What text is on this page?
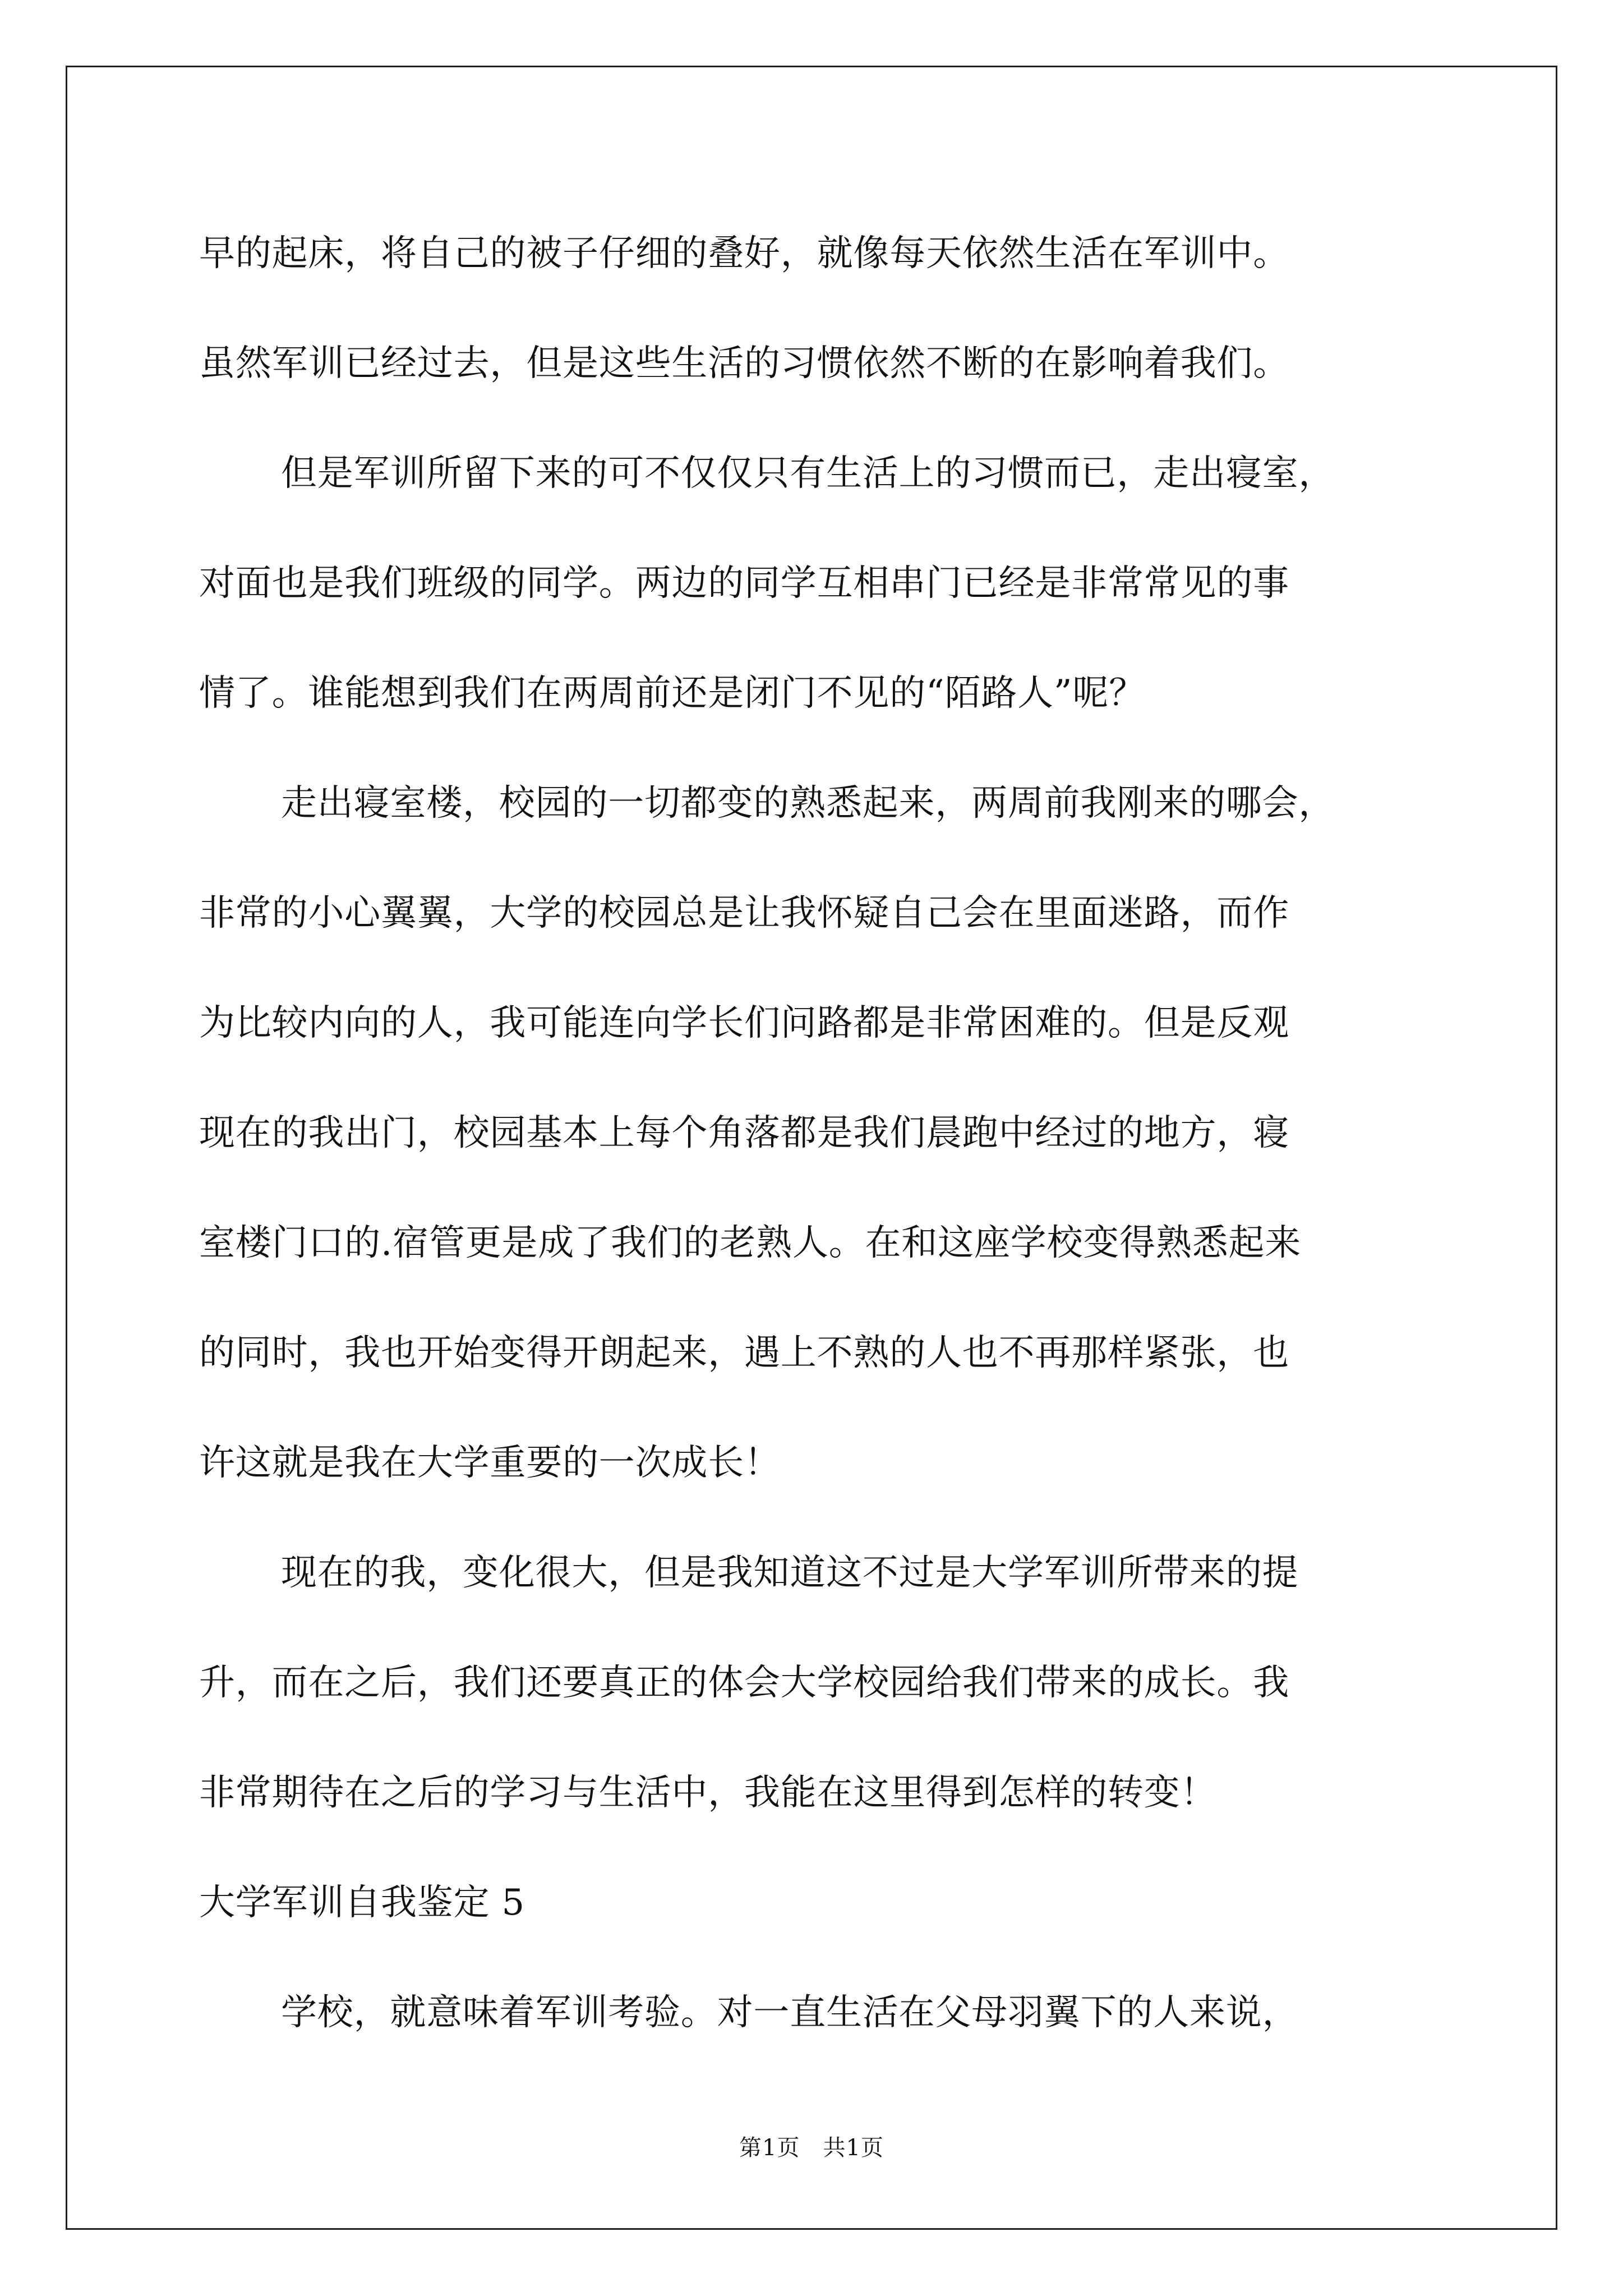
早的起床，将自己的被子仔细的叠好，就像每天依然生活在军训中。
虽然军训已经过去，但是这些生活的习惯依然不断的在影响着我们。
但是军训所留下来的可不仅仅只有生活上的习惯而已，走出寝室，
对面也是我们班级的同学。两边的同学互相串门已经是非常常见的事
情了。谁能想到我们在两周前还是闭门不见的“陌路人”呢？
走出寝室楼，校园的一切都变的熟悉起来，两周前我刚来的哪会，
非常的小心翼翼，大学的校园总是让我怀疑自己会在里面迷路，而作
为比较内向的人，我可能连向学长们问路都是非常困难的。但是反观
现在的我出门，校园基本上每个角落都是我们晨跑中经过的地方，寝
室楼门口的.宿管更是成了我们的老熟人。在和这座学校变得熟悉起来
的同时，我也开始变得开朗起来，遇上不熟的人也不再那样紧张，也
许这就是我在大学重要的一次成长！
现在的我，变化很大，但是我知道这不过是大学军训所带来的提
升，而在之后，我们还要真正的体会大学校园给我们带来的成长。我
非常期待在之后的学习与生活中，我能在这里得到怎样的转变！
大学军训自我鉴定 5
学校，就意味着军训考验。对一直生活在父母羽翼下的人来说，
第1页　共1页
